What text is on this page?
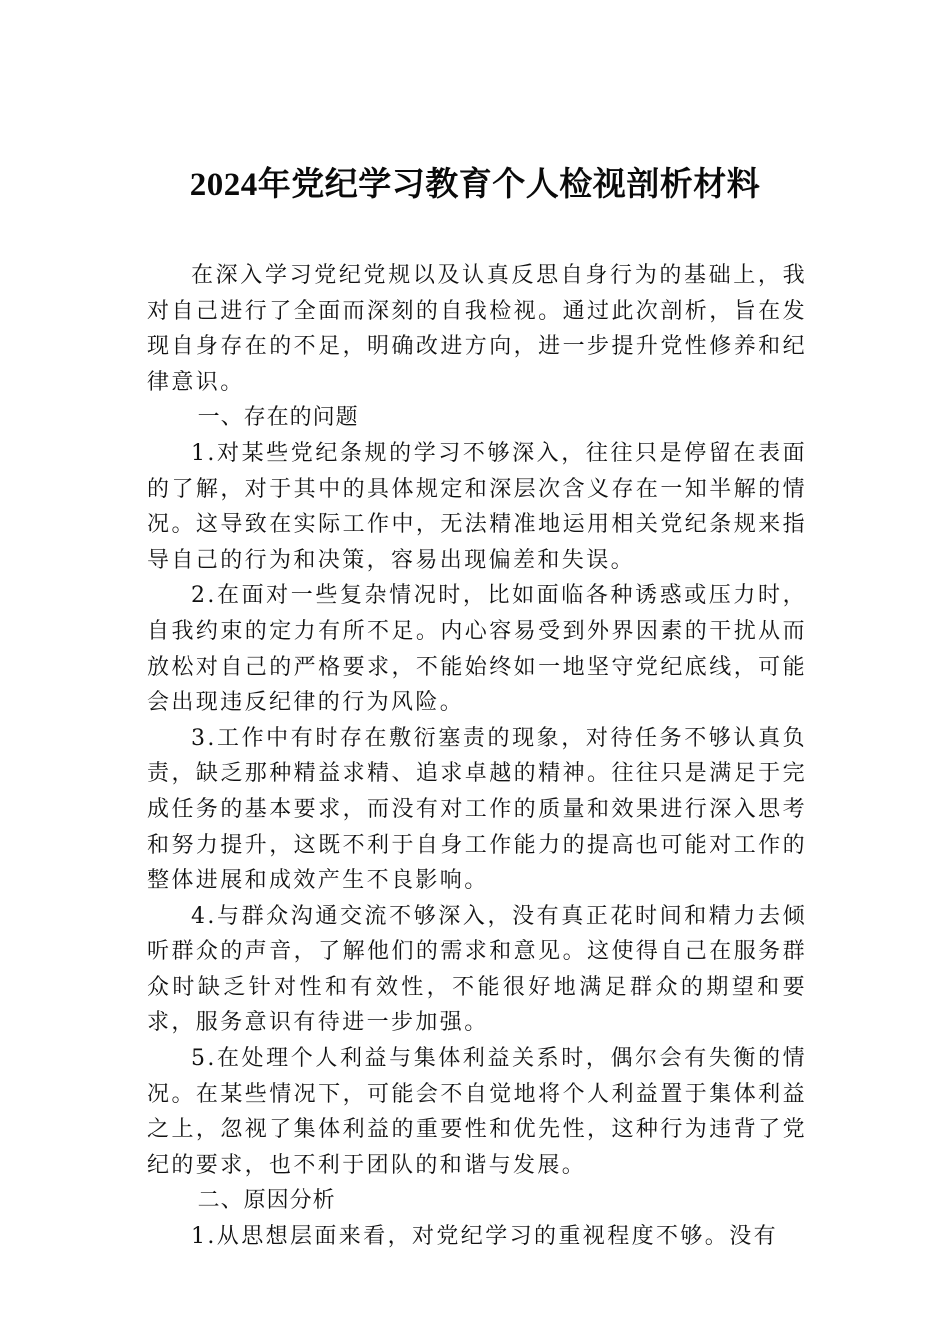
2024年党纪学习教育个人检视剖析材料

在深入学习党纪党规以及认真反思自身行为的基础上，我对自己进行了全面而深刻的自我检视。通过此次剖析，旨在发现自身存在的不足，明确改进方向，进一步提升党性修养和纪律意识。

一、存在的问题

1.对某些党纪条规的学习不够深入，往往只是停留在表面的了解，对于其中的具体规定和深层次含义存在一知半解的情况。这导致在实际工作中，无法精准地运用相关党纪条规来指导自己的行为和决策，容易出现偏差和失误。

2.在面对一些复杂情况时，比如面临各种诱惑或压力时，自我约束的定力有所不足。内心容易受到外界因素的干扰从而放松对自己的严格要求，不能始终如一地坚守党纪底线，可能会出现违反纪律的行为风险。

3.工作中有时存在敷衍塞责的现象，对待任务不够认真负责，缺乏那种精益求精、追求卓越的精神。往往只是满足于完成任务的基本要求，而没有对工作的质量和效果进行深入思考和努力提升，这既不利于自身工作能力的提高也可能对工作的整体进展和成效产生不良影响。

4.与群众沟通交流不够深入，没有真正花时间和精力去倾听群众的声音，了解他们的需求和意见。这使得自己在服务群众时缺乏针对性和有效性，不能很好地满足群众的期望和要求，服务意识有待进一步加强。

5.在处理个人利益与集体利益关系时，偶尔会有失衡的情况。在某些情况下，可能会不自觉地将个人利益置于集体利益之上，忽视了集体利益的重要性和优先性，这种行为违背了党纪的要求，也不利于团队的和谐与发展。

二、原因分析

1.从思想层面来看，对党纪学习的重视程度不够。没有
